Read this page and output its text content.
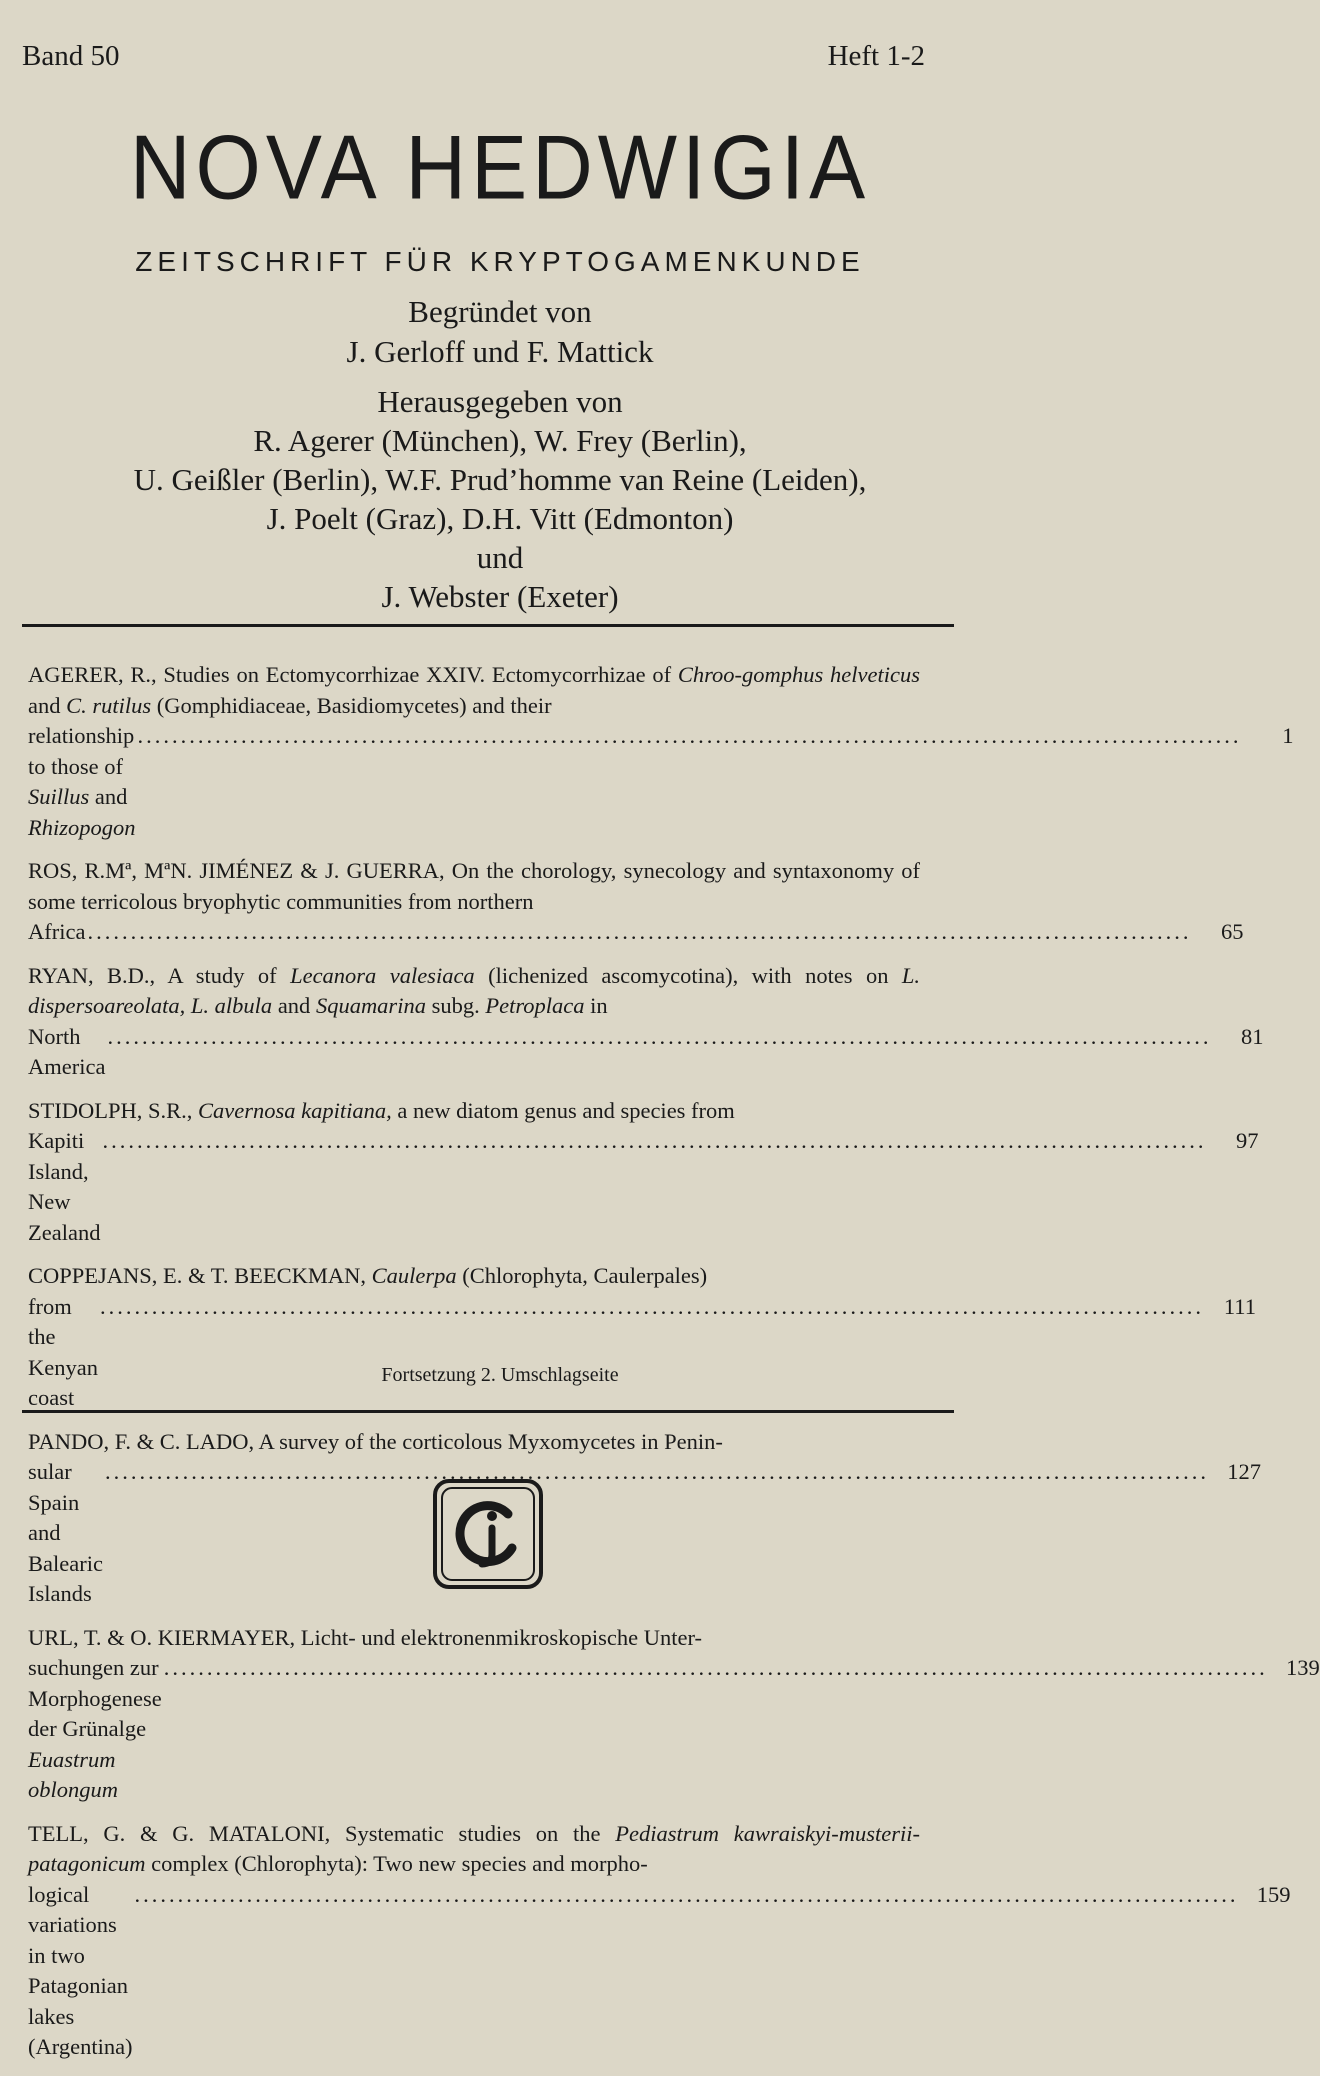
Band 50	Heft 1-2
NOVA HEDWIGIA
ZEITSCHRIFT FÜR KRYPTOGAMENKUNDE
Begründet von
J. Gerloff und F. Mattick
Herausgegeben von
R. Agerer (München), W. Frey (Berlin),
U. Geißler (Berlin), W.F. Prud’homme van Reine (Leiden),
J. Poelt (Graz), D.H. Vitt (Edmonton)
und
J. Webster (Exeter)
AGERER, R., Studies on Ectomycorrhizae XXIV. Ectomycorrhizae of Chroo-gomphus helveticus and C. rutilus (Gomphidiaceae, Basidiomycetes) and their
relationship to those of Suillus and Rhizopogon
................................................................................................................................	1
ROS, R.Mª, MªN. JIMÉNEZ & J. GUERRA, On the chorology, synecology and syntaxonomy of some terricolous bryophytic communities from northern
Africa ................................................................................................................................	65
RYAN, B.D., A study of Lecanora valesiaca (lichenized ascomycotina), with notes on L. dispersoareolata, L. albula and Squamarina subg. Petroplaca in
North America
................................................................................................................................	81
STIDOLPH, S.R., Cavernosa kapitiana, a new diatom genus and species from
Kapiti Island, New Zealand
................................................................................................................................	97
COPPEJANS, E. & T. BEECKMAN, Caulerpa (Chlorophyta, Caulerpales)
from the Kenyan coast
................................................................................................................................ 111
PANDO, F. & C. LADO, A survey of the corticolous Myxomycetes in Penin-
sular Spain and Balearic Islands
................................................................................................................................ 127
URL, T. & O. KIERMAYER, Licht- und elektronenmikroskopische Unter-
suchungen zur Morphogenese der Grünalge Euastrum oblongum
................................................................................................................................ 139
TELL, G. & G. MATALONI, Systematic studies on the Pediastrum kawraiskyi-musterii-patagonicum complex (Chlorophyta): Two new species and morpho-
logical variations in two Patagonian lakes (Argentina)
................................................................................................................................ 159
Fortsetzung 2. Umschlagseite
